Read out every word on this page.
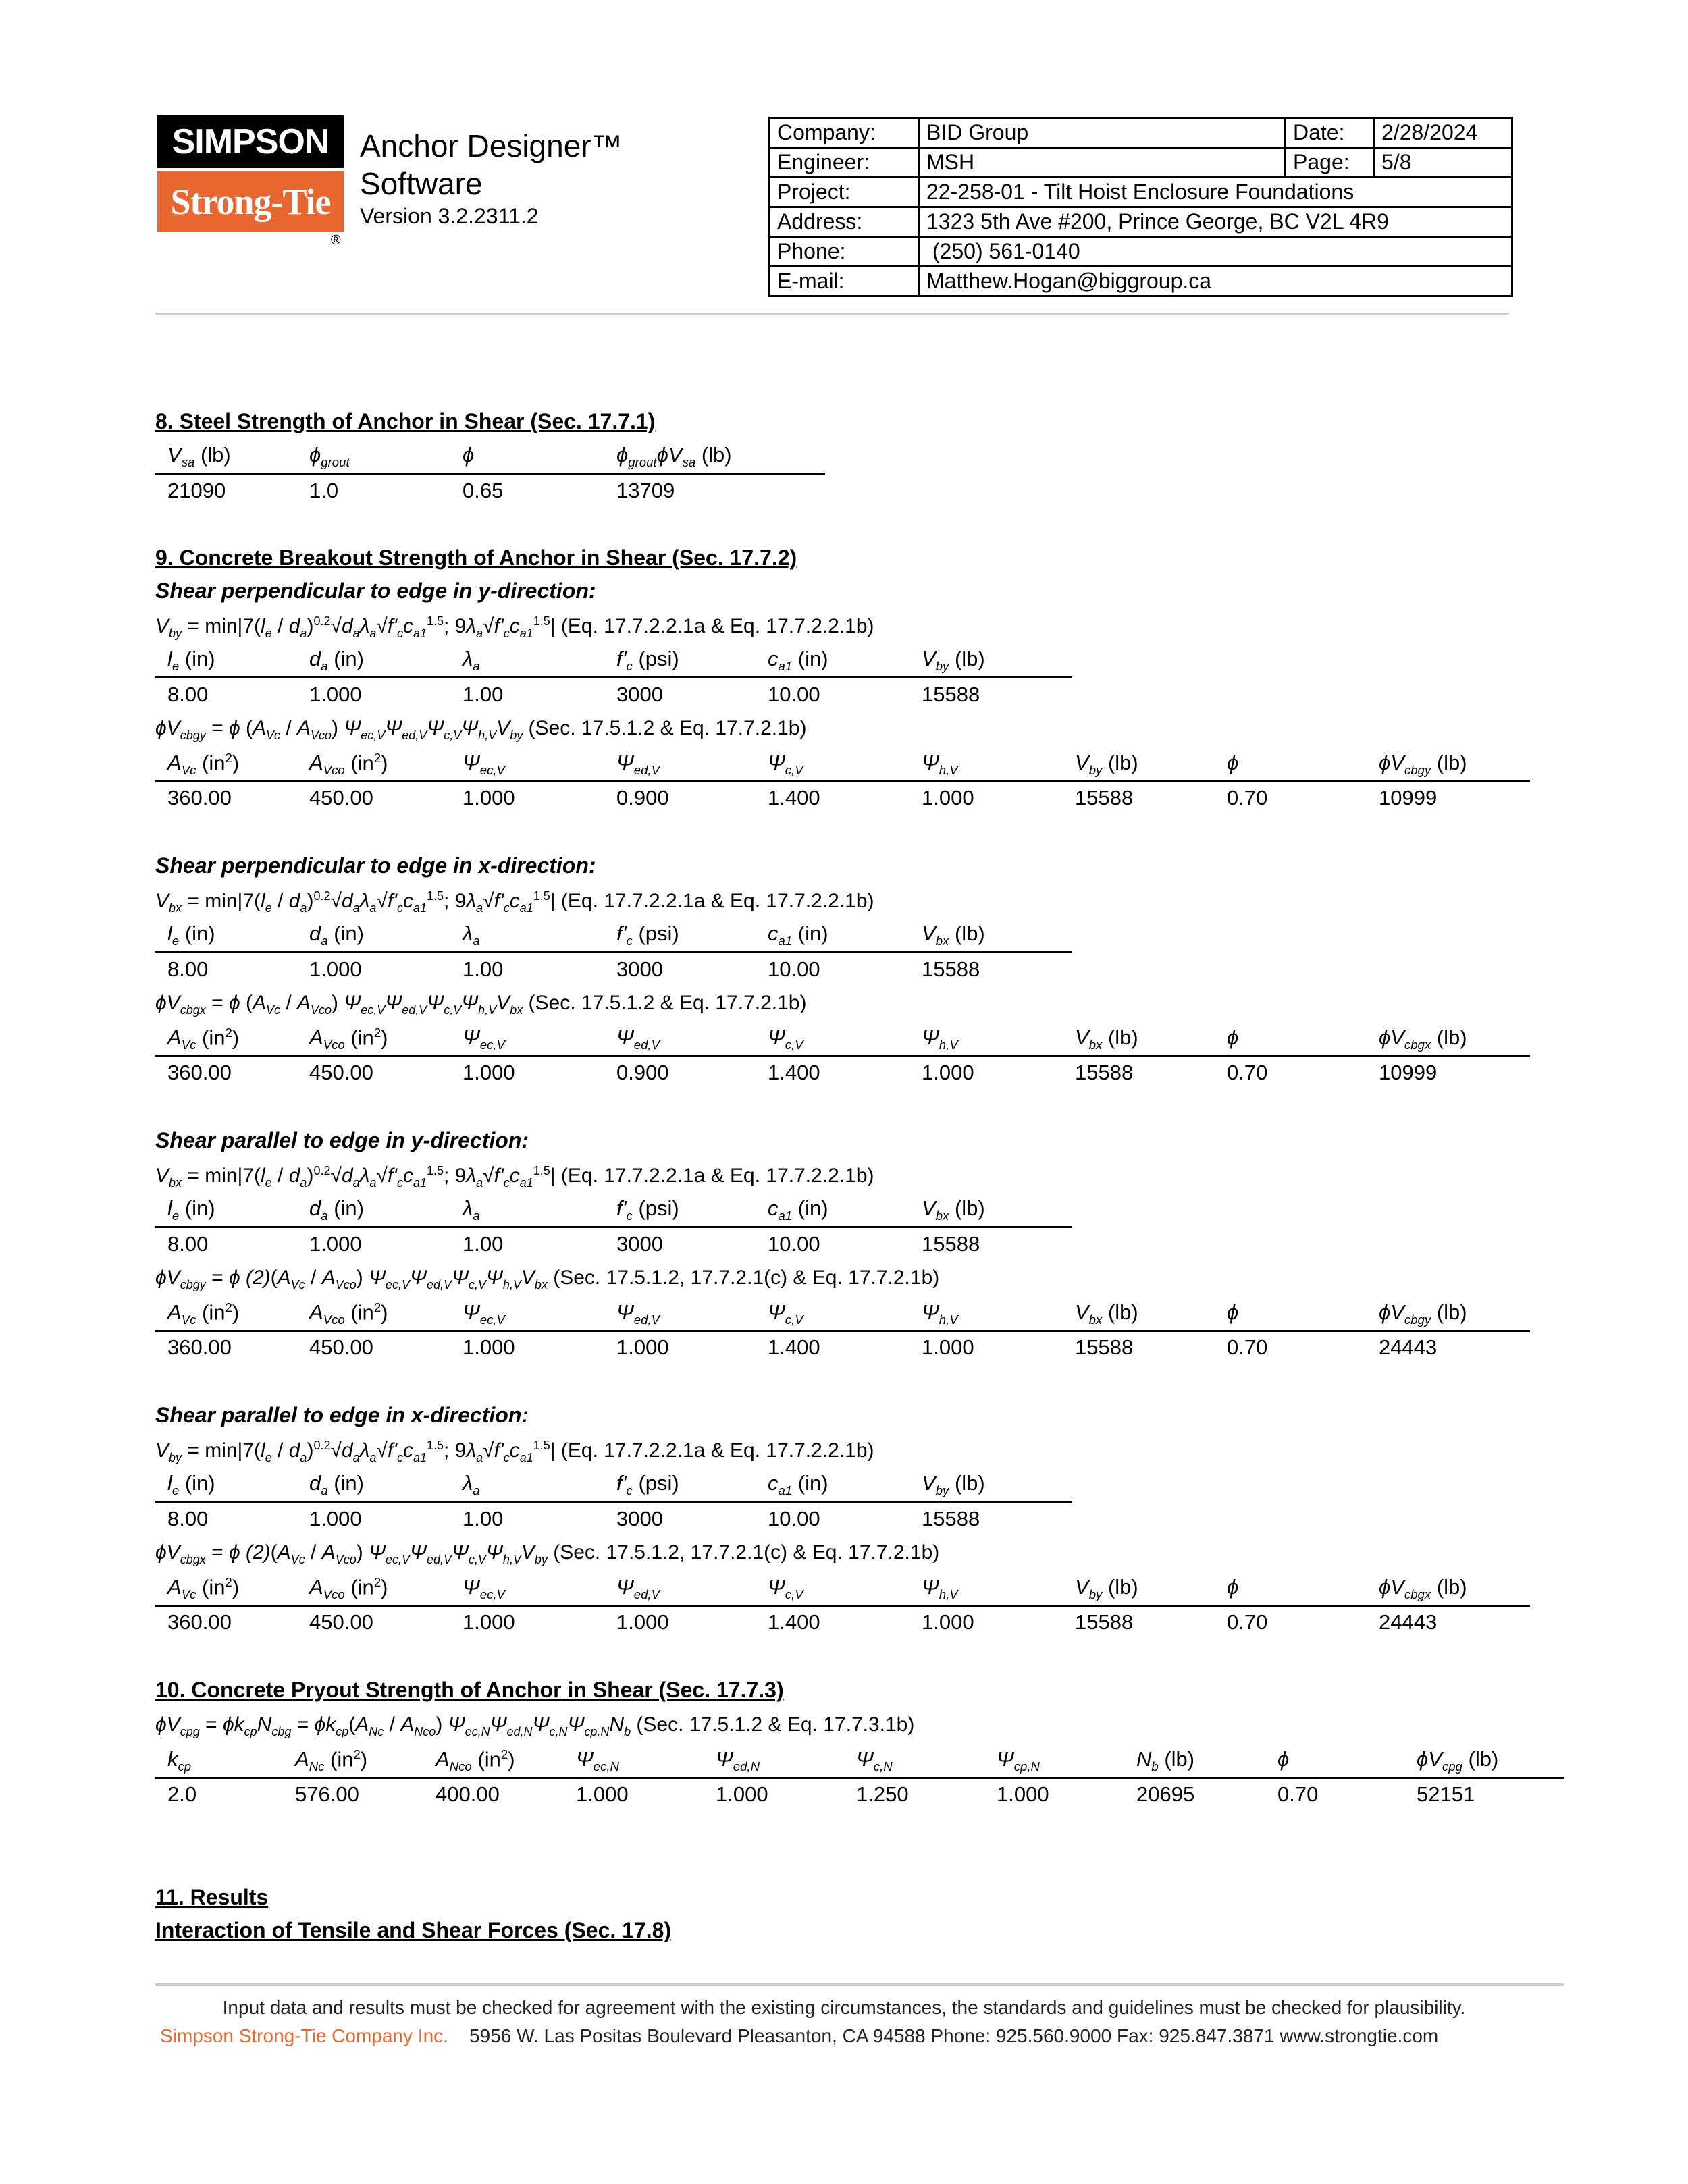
SIMPSON
Strong-Tie
®
Anchor Designer™
Software
Version 3.2.2311.2
Company:	BID Group	Date:	2/28/2024
Engineer:	MSH	Page:	5/8
Project:	22-258-01 - Tilt Hoist Enclosure Foundations		
Address:	1323 5th Ave #200, Prince George, BC V2L 4R9		
Phone:	(250) 561-0140		
E-mail:	Matthew.Hogan@biggroup.ca		
8. Steel Strength of Anchor in Shear (Sec. 17.7.1)
$V_{sa}$ (lb)	$\phi_{grout}$	ϕ	$\phi_{grout}\phi V_{sa}$ (lb)
21090	1.0	0.65	13709
9. Concrete Breakout Strength of Anchor in Shear (Sec. 17.7.2)
Shear perpendicular to edge in y-direction:
$V_{by} = \min|7(l_e / d_a)^{0.2}√d_a\lambda_a√f'_cc_{a1}^{1.5}$; $9\lambda_a√f'_cc_{a1}^{1.5}|$ (Eq. 17.7.2.2.1a & Eq. 17.7.2.2.1b)
$l_e$ (in)	$d_a$ (in)	$\lambda_a$	$f'_c$ (psi)	$c_{a1}$ (in)	$V_{by}$ (lb)
8.00	1.000	1.00	3000	10.00	15588
$\phi V_{cbgy} = \phi$ $(A_{Vc} / A_{Vco})$ $\Psi_{ec,V}\Psi_{ed,V}\Psi_{c,V}\Psi_{h,V}V_{by}$ (Sec. 17.5.1.2 & Eq. 17.7.2.1b)
$A_{Vc}$ $(in^2)$	$A_{Vco}$ $(in^2)$	$\Psi_{ec,V}$	$\Psi_{ed,V}$	$\Psi_{c,V}$	$\Psi_{h,V}$	$V_{by}$ (lb)	ϕ	$\phi V_{cbgy}$ (lb)
360.00	450.00	1.000	0.900	1.400	1.000	15588	0.70	10999
Shear perpendicular to edge in x-direction:
$V_{bx} = \min|7(l_e / d_a)^{0.2}√d_a\lambda_a√f'_cc_{a1}^{1.5}$; $9\lambda_a√f'_cc_{a1}^{1.5}|$ (Eq. 17.7.2.2.1a & Eq. 17.7.2.2.1b)
$l_e$ (in)	$d_a$ (in)	$\lambda_a$	$f'_c$ (psi)	$c_{a1}$ (in)	$V_{bx}$ (lb)
8.00	1.000	1.00	3000	10.00	15588
$\phi V_{cbgx} = \phi$ $(A_{Vc} / A_{Vco})$ $\Psi_{ec,V}\Psi_{ed,V}\Psi_{c,V}\Psi_{h,V}V_{bx}$ (Sec. 17.5.1.2 & Eq. 17.7.2.1b)
$A_{Vc}$ $(in^2)$	$A_{Vco}$ $(in^2)$	$\Psi_{ec,V}$	$\Psi_{ed,V}$	$\Psi_{c,V}$	$\Psi_{h,V}$	$V_{bx}$ (lb)	ϕ	$\phi V_{cbgx}$ (lb)
360.00	450.00	1.000	0.900	1.400	1.000	15588	0.70	10999
Shear parallel to edge in y-direction:
$V_{bx} = \min|7(l_e / d_a)^{0.2}√d_a\lambda_a√f'_cc_{a1}^{1.5}$; $9\lambda_a√f'_cc_{a1}^{1.5}|$ (Eq. 17.7.2.2.1a & Eq. 17.7.2.2.1b)
$l_e$ (in)	$d_a$ (in)	$\lambda_a$	$f'_c$ (psi)	$c_{a1}$ (in)	$V_{bx}$ (lb)
8.00	1.000	1.00	3000	10.00	15588
$\phi V_{cbgy} = \phi$ $(2)(A_{Vc} / A_{Vco})$ $\Psi_{ec,V}\Psi_{ed,V}\Psi_{c,V}\Psi_{h,V}V_{bx}$ (Sec. 17.5.1.2, 17.7.2.1(c) & Eq. 17.7.2.1b)
$A_{Vc}$ $(in^2)$	$A_{Vco}$ $(in^2)$	$\Psi_{ec,V}$	$\Psi_{ed,V}$	$\Psi_{c,V}$	$\Psi_{h,V}$	$V_{bx}$ (lb)	ϕ	$\phi V_{cbgy}$ (lb)
360.00	450.00	1.000	1.000	1.400	1.000	15588	0.70	24443
Shear parallel to edge in x-direction:
$V_{by} = \min|7(l_e / d_a)^{0.2}√d_a\lambda_a√f'_cc_{a1}^{1.5}$; $9\lambda_a√f'_cc_{a1}^{1.5}|$ (Eq. 17.7.2.2.1a & Eq. 17.7.2.2.1b)
$l_e$ (in)	$d_a$ (in)	$\lambda_a$	$f'_c$ (psi)	$c_{a1}$ (in)	$V_{by}$ (lb)
8.00	1.000	1.00	3000	10.00	15588
$\phi V_{cbgx} = \phi$ $(2)(A_{Vc} / A_{Vco})$ $\Psi_{ec,V}\Psi_{ed,V}\Psi_{c,V}\Psi_{h,V}V_{by}$ (Sec. 17.5.1.2, 17.7.2.1(c) & Eq. 17.7.2.1b)
$A_{Vc}$ $(in^2)$	$A_{Vco}$ $(in^2)$	$\Psi_{ec,V}$	$\Psi_{ed,V}$	$\Psi_{c,V}$	$\Psi_{h,V}$	$V_{by}$ (lb)	ϕ	$\phi V_{cbgx}$ (lb)
360.00	450.00	1.000	1.000	1.400	1.000	15588	0.70	24443
10. Concrete Pryout Strength of Anchor in Shear (Sec. 17.7.3)
$\phi V_{cpg} = \phi k_{cp}N_{cbg} = \phi k_{cp}(A_{Nc} / A_{Nco})$ $\Psi_{ec,N}\Psi_{ed,N}\Psi_{c,N}\Psi_{cp,N}N_b$ (Sec. 17.5.1.2 & Eq. 17.7.3.1b)
$k_{cp}$	$A_{Nc}$ $(in^2)$	$A_{Nco}$ $(in^2)$	$\Psi_{ec,N}$	$\Psi_{ed,N}$	$\Psi_{c,N}$	$\Psi_{cp,N}$	$N_b$ (lb)	ϕ	$\phi V_{cpg}$ (lb)
2.0	576.00	400.00	1.000	1.000	1.250	1.000	20695	0.70	52151
11. Results
Interaction of Tensile and Shear Forces (Sec. 17.8)
Input data and results must be checked for agreement with the existing circumstances, the standards and guidelines must be checked for plausibility.
Simpson Strong-Tie Company Inc. 5956 W. Las Positas Boulevard Pleasanton, CA 94588 Phone: 925.560.9000 Fax: 925.847.3871 www.strongtie.com
